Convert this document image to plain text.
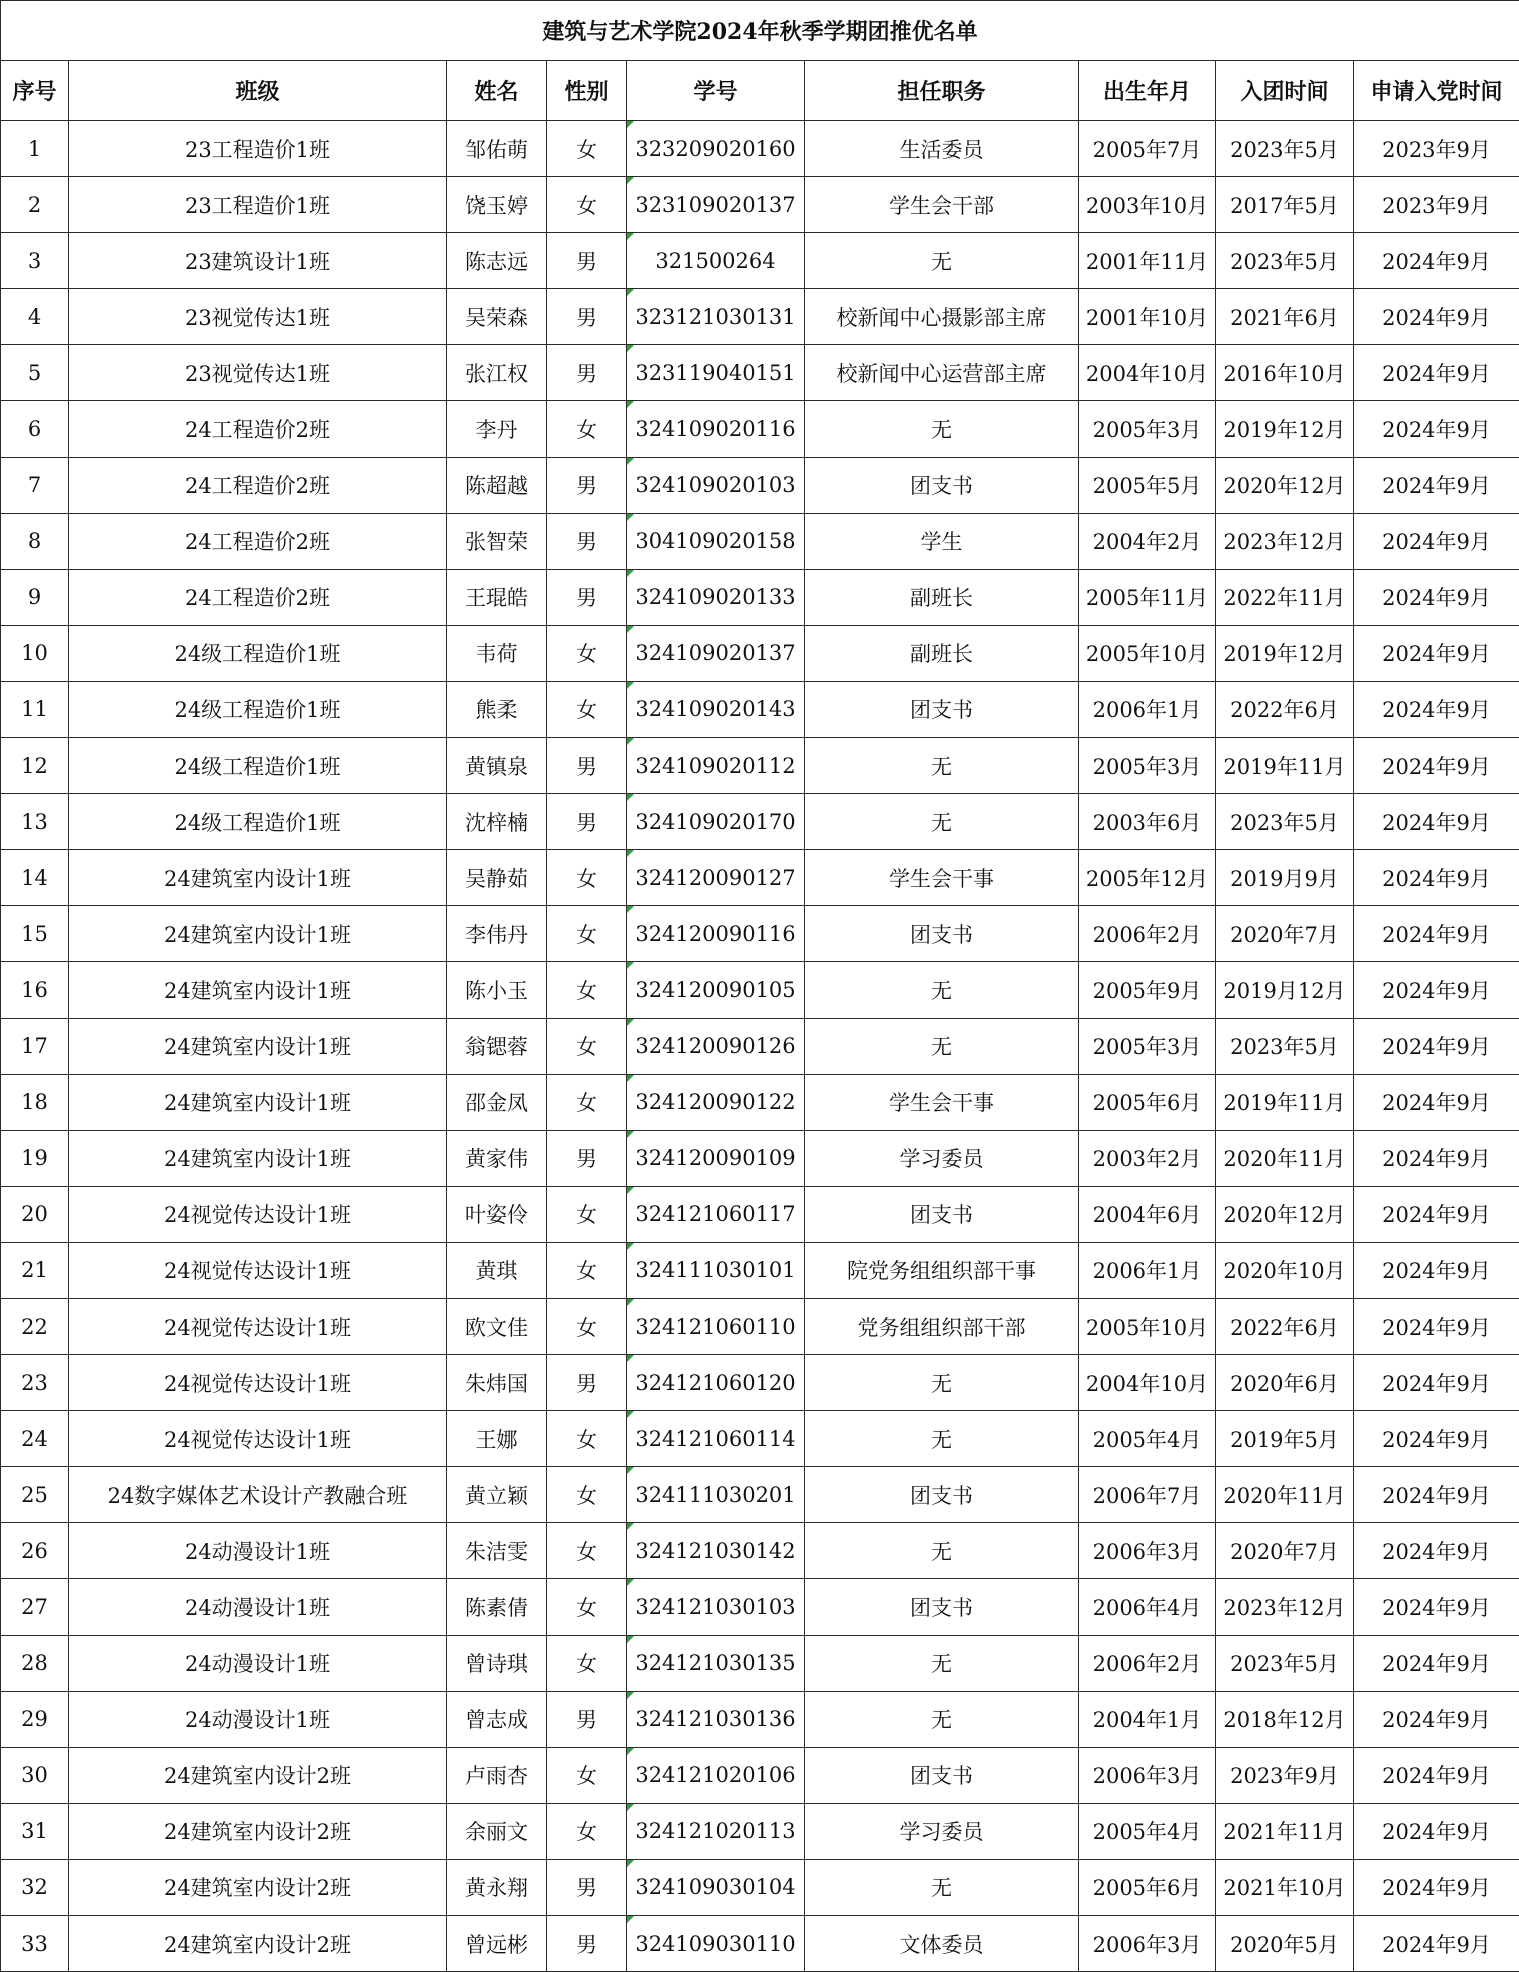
建筑与艺术学院2024年秋季学期团推优名单								
序号	班级	姓名	性别	学号	担任职务	出生年月	入团时间	申请入党时间
1	23工程造价1班	邹佑萌	女	323209020160	生活委员	2005年7月	2023年5月	2023年9月
2	23工程造价1班	饶玉婷	女	323109020137	学生会干部	2003年10月	2017年5月	2023年9月
3	23建筑设计1班	陈志远	男	321500264	无	2001年11月	2023年5月	2024年9月
4	23视觉传达1班	吴荣森	男	323121030131	校新闻中心摄影部主席	2001年10月	2021年6月	2024年9月
5	23视觉传达1班	张江权	男	323119040151	校新闻中心运营部主席	2004年10月	2016年10月	2024年9月
6	24工程造价2班	李丹	女	324109020116	无	2005年3月	2019年12月	2024年9月
7	24工程造价2班	陈超越	男	324109020103	团支书	2005年5月	2020年12月	2024年9月
8	24工程造价2班	张智荣	男	304109020158	学生	2004年2月	2023年12月	2024年9月
9	24工程造价2班	王琨皓	男	324109020133	副班长	2005年11月	2022年11月	2024年9月
10	24级工程造价1班	韦荷	女	324109020137	副班长	2005年10月	2019年12月	2024年9月
11	24级工程造价1班	熊柔	女	324109020143	团支书	2006年1月	2022年6月	2024年9月
12	24级工程造价1班	黄镇泉	男	324109020112	无	2005年3月	2019年11月	2024年9月
13	24级工程造价1班	沈梓楠	男	324109020170	无	2003年6月	2023年5月	2024年9月
14	24建筑室内设计1班	吴静茹	女	324120090127	学生会干事	2005年12月	2019月9月	2024年9月
15	24建筑室内设计1班	李伟丹	女	324120090116	团支书	2006年2月	2020年7月	2024年9月
16	24建筑室内设计1班	陈小玉	女	324120090105	无	2005年9月	2019月12月	2024年9月
17	24建筑室内设计1班	翁锶蓉	女	324120090126	无	2005年3月	2023年5月	2024年9月
18	24建筑室内设计1班	邵金凤	女	324120090122	学生会干事	2005年6月	2019年11月	2024年9月
19	24建筑室内设计1班	黄家伟	男	324120090109	学习委员	2003年2月	2020年11月	2024年9月
20	24视觉传达设计1班	叶姿伶	女	324121060117	团支书	2004年6月	2020年12月	2024年9月
21	24视觉传达设计1班	黄琪	女	324111030101	院党务组组织部干事	2006年1月	2020年10月	2024年9月
22	24视觉传达设计1班	欧文佳	女	324121060110	党务组组织部干部	2005年10月	2022年6月	2024年9月
23	24视觉传达设计1班	朱炜国	男	324121060120	无	2004年10月	2020年6月	2024年9月
24	24视觉传达设计1班	王娜	女	324121060114	无	2005年4月	2019年5月	2024年9月
25	24数字媒体艺术设计产教融合班	黄立颖	女	324111030201	团支书	2006年7月	2020年11月	2024年9月
26	24动漫设计1班	朱洁雯	女	324121030142	无	2006年3月	2020年7月	2024年9月
27	24动漫设计1班	陈素倩	女	324121030103	团支书	2006年4月	2023年12月	2024年9月
28	24动漫设计1班	曾诗琪	女	324121030135	无	2006年2月	2023年5月	2024年9月
29	24动漫设计1班	曾志成	男	324121030136	无	2004年1月	2018年12月	2024年9月
30	24建筑室内设计2班	卢雨杏	女	324121020106	团支书	2006年3月	2023年9月	2024年9月
31	24建筑室内设计2班	余丽文	女	324121020113	学习委员	2005年4月	2021年11月	2024年9月
32	24建筑室内设计2班	黄永翔	男	324109030104	无	2005年6月	2021年10月	2024年9月
33	24建筑室内设计2班	曾远彬	男	324109030110	文体委员	2006年3月	2020年5月	2024年9月
